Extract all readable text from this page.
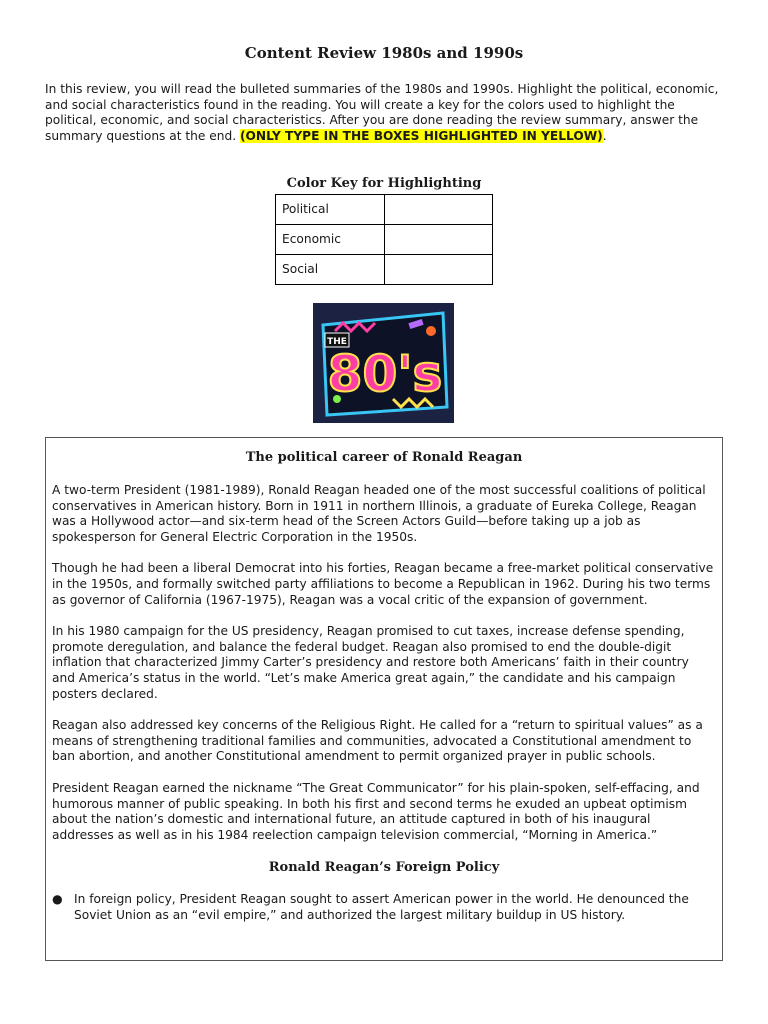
Content Review 1980s and 1990s
In this review, you will read the bulleted summaries of the 1980s and 1990s. Highlight the political, economic, and social characteristics found in the reading. You will create a key for the colors used to highlight the political, economic, and social characteristics. After you are done reading the review summary, answer the summary questions at the end. (ONLY TYPE IN THE BOXES HIGHLIGHTED IN YELLOW).
Color Key for Highlighting
Political	
Economic	
Social	
THE
80's
The political career of Ronald Reagan

A two-term President (1981-1989), Ronald Reagan headed one of the most successful coalitions of political conservatives in American history. Born in 1911 in northern Illinois, a graduate of Eureka College, Reagan was a Hollywood actor—and six-term head of the Screen Actors Guild—before taking up a job as spokesperson for General Electric Corporation in the 1950s.

Though he had been a liberal Democrat into his forties, Reagan became a free-market political conservative in the 1950s, and formally switched party affiliations to become a Republican in 1962. During his two terms as governor of California (1967-1975), Reagan was a vocal critic of the expansion of government.

In his 1980 campaign for the US presidency, Reagan promised to cut taxes, increase defense spending, promote deregulation, and balance the federal budget. Reagan also promised to end the double-digit inflation that characterized Jimmy Carter’s presidency and restore both Americans’ faith in their country and America’s status in the world. “Let’s make America great again,” the candidate and his campaign posters declared.

Reagan also addressed key concerns of the Religious Right. He called for a “return to spiritual values” as a means of strengthening traditional families and communities, advocated a Constitutional amendment to ban abortion, and another Constitutional amendment to permit organized prayer in public schools.

President Reagan earned the nickname “The Great Communicator” for his plain-spoken, self-effacing, and humorous manner of public speaking. In both his first and second terms he exuded an upbeat optimism about the nation’s domestic and international future, an attitude captured in both of his inaugural addresses as well as in his 1984 reelection campaign television commercial, “Morning in America.”

Ronald Reagan’s Foreign Policy
● In foreign policy, President Reagan sought to assert American power in the world. He denounced the Soviet Union as an “evil empire,” and authorized the largest military buildup in US history.
